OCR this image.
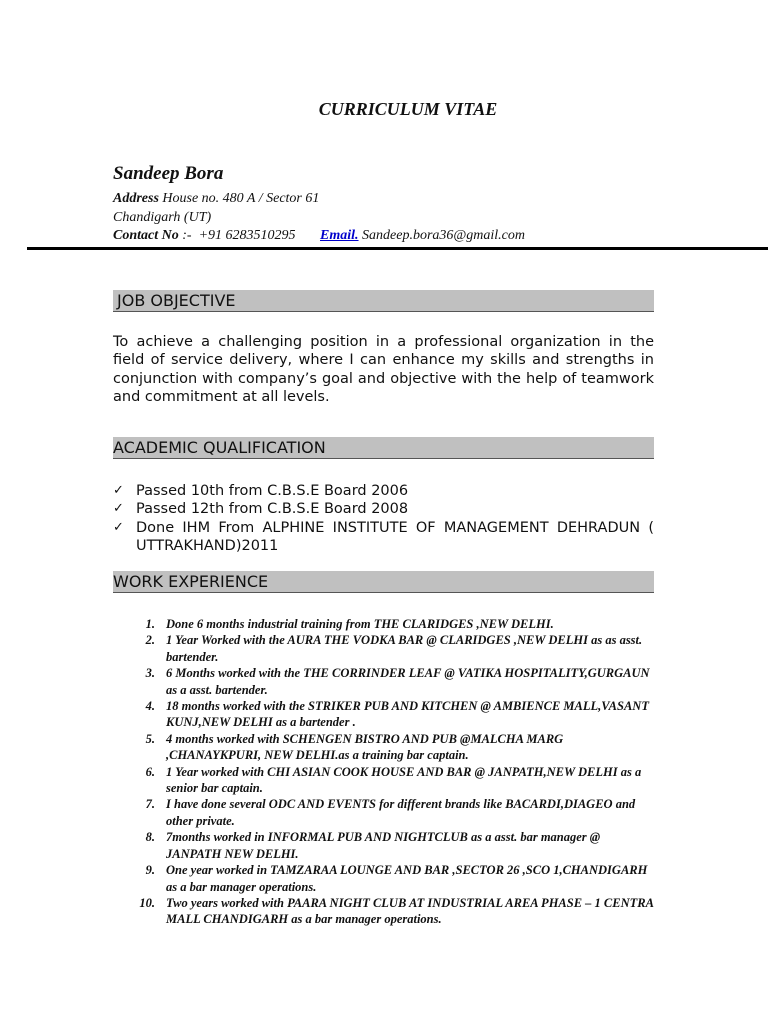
CURRICULUM VITAE
Sandeep Bora
Address House no. 480 A / Sector 61
Chandigarh (UT)
Contact No :- +91 6283510295 Email. Sandeep.bora36@gmail.com
JOB OBJECTIVE
To achieve a challenging position in a professional organization in the field of service delivery, where I can enhance my skills and strengths in conjunction with company’s goal and objective with the help of teamwork and commitment at all levels.
ACADEMIC QUALIFICATION
✓ Passed 10th from C.B.S.E Board 2006
✓ Passed 12th from C.B.S.E Board 2008
✓ Done IHM From ALPHINE INSTITUTE OF MANAGEMENT DEHRADUN ( UTTRAKHAND)2011
WORK EXPERIENCE
1. Done 6 months industrial training from THE CLARIDGES ,NEW DELHI.
2. 1 Year Worked with the AURA THE VODKA BAR @ CLARIDGES ,NEW DELHI as as asst. bartender.
3. 6 Months worked with the THE CORRINDER LEAF @ VATIKA HOSPITALITY,GURGAUN as a asst. bartender.
4. 18 months worked with the STRIKER PUB AND KITCHEN @ AMBIENCE MALL,VASANT KUNJ,NEW DELHI as a bartender .
5. 4 months worked with SCHENGEN BISTRO AND PUB @MALCHA MARG ,CHANAYKPURI, NEW DELHI.as a training bar captain.
6. 1 Year worked with CHI ASIAN COOK HOUSE AND BAR @ JANPATH,NEW DELHI as a senior bar captain.
7. I have done several ODC AND EVENTS for different brands like BACARDI,DIAGEO and other private.
8. 7months worked in INFORMAL PUB AND NIGHTCLUB as a asst. bar manager @ JANPATH NEW DELHI.
9. One year worked in TAMZARAA LOUNGE AND BAR ,SECTOR 26 ,SCO 1,CHANDIGARH as a bar manager operations.
10. Two years worked with PAARA NIGHT CLUB AT INDUSTRIAL AREA PHASE – 1 CENTRA MALL CHANDIGARH as a bar manager operations.
